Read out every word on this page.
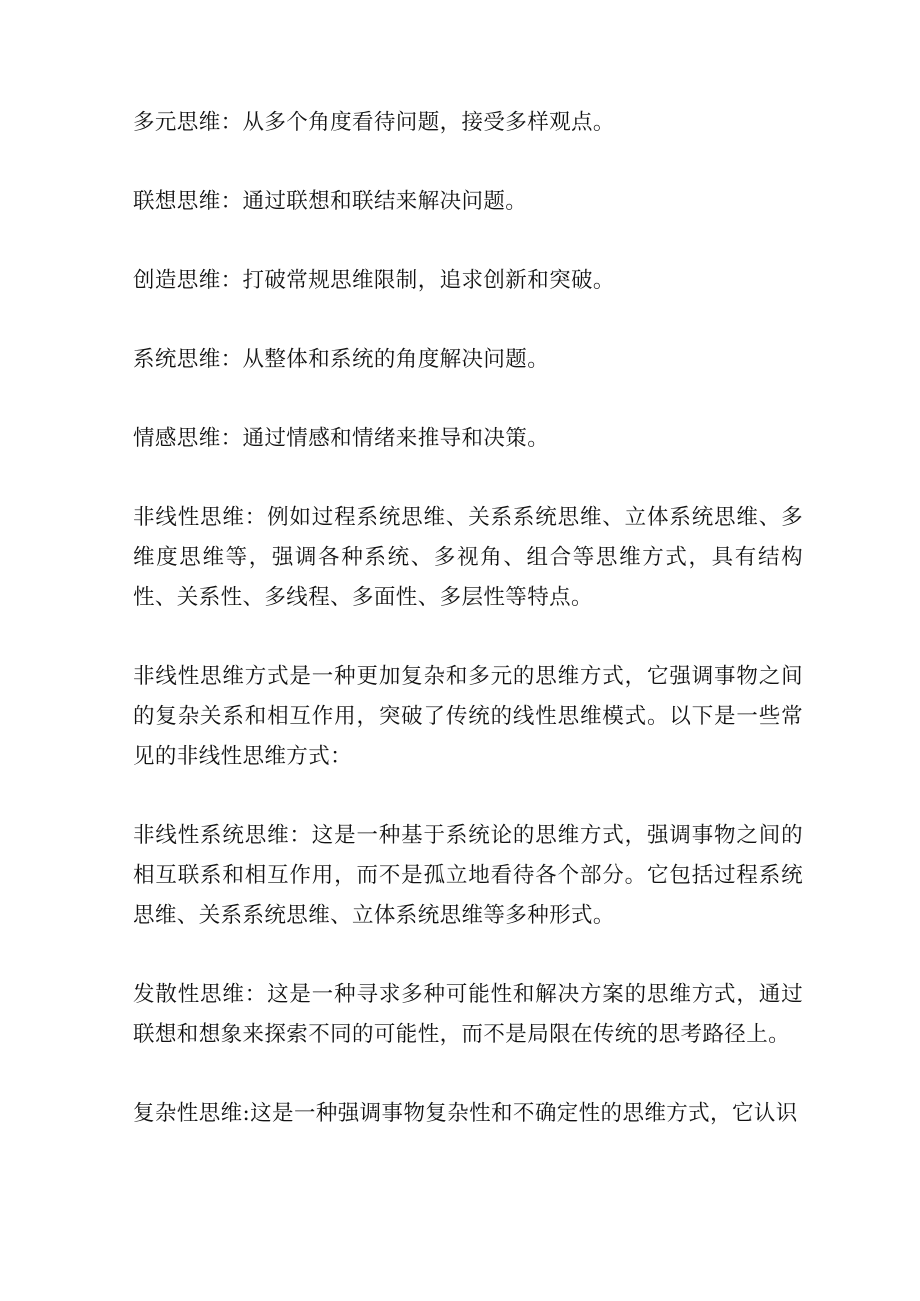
多元思维：从多个角度看待问题，接受多样观点。

联想思维：通过联想和联结来解决问题。

创造思维：打破常规思维限制，追求创新和突破。

系统思维：从整体和系统的角度解决问题。

情感思维：通过情感和情绪来推导和决策。

非线性思维：例如过程系统思维、关系系统思维、立体系统思维、多维度思维等，强调各种系统、多视角、组合等思维方式，具有结构性、关系性、多线程、多面性、多层性等特点。

非线性思维方式是一种更加复杂和多元的思维方式，它强调事物之间的复杂关系和相互作用，突破了传统的线性思维模式。以下是一些常见的非线性思维方式：

非线性系统思维：这是一种基于系统论的思维方式，强调事物之间的相互联系和相互作用，而不是孤立地看待各个部分。它包括过程系统思维、关系系统思维、立体系统思维等多种形式。

发散性思维：这是一种寻求多种可能性和解决方案的思维方式，通过联想和想象来探索不同的可能性，而不是局限在传统的思考路径上。

复杂性思维:这是一种强调事物复杂性和不确定性的思维方式，它认识
